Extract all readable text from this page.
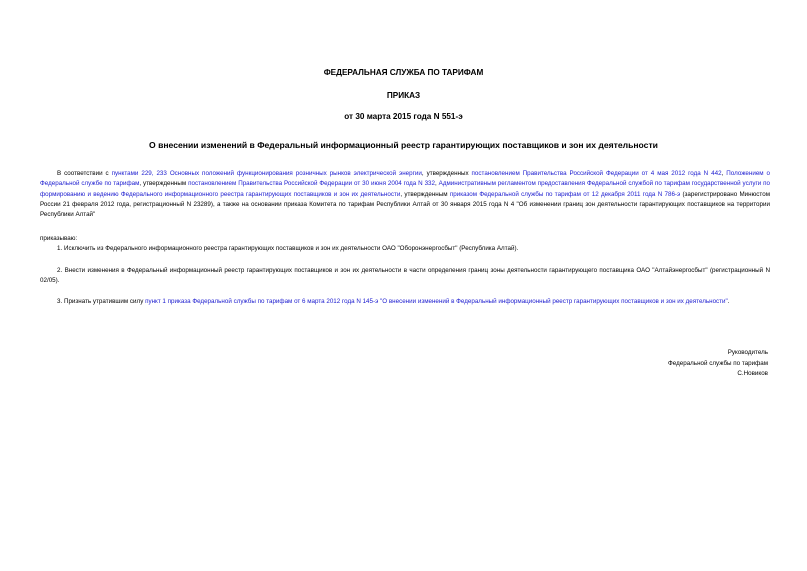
ФЕДЕРАЛЬНАЯ СЛУЖБА ПО ТАРИФАМ
ПРИКАЗ
от 30 марта 2015 года N 551-э
О внесении изменений в Федеральный информационный реестр гарантирующих поставщиков и зон их деятельности

В соответствии с пунктами 229, 233 Основных положений функционирования розничных рынков электрической энергии, утвержденных постановлением Правительства Российской Федерации от 4 мая 2012 года N 442, Положением о Федеральной службе по тарифам, утвержденным постановлением Правительства Российской Федерации от 30 июня 2004 года N 332, Административным регламентом предоставления Федеральной службой по тарифам государственной услуги по формированию и ведению Федерального информационного реестра гарантирующих поставщиков и зон их деятельности, утвержденным приказом Федеральной службы по тарифам от 12 декабря 2011 года N 786-э (зарегистрировано Минюстом России 21 февраля 2012 года, регистрационный N 23289), а также на основании приказа Комитета по тарифам Республики Алтай от 30 января 2015 года N 4 "Об изменении границ зон деятельности гарантирующих поставщиков на территории Республики Алтай"

приказываю:
1. Исключить из Федерального информационного реестра гарантирующих поставщиков и зон их деятельности ОАО "Оборонэнергосбыт" (Республика Алтай).
2. Внести изменения в Федеральный информационный реестр гарантирующих поставщиков и зон их деятельности в части определения границ зоны деятельности гарантирующего поставщика ОАО "Алтайэнергосбыт" (регистрационный N 02/05).

3. Признать утратившим силу пункт 1 приказа Федеральной службы по тарифам от 6 марта 2012 года N 145-э "О внесении изменений в Федеральный информационный реестр гарантирующих поставщиков и зон их деятельности".

Руководитель
Федеральной службы по тарифам
С.Новиков
